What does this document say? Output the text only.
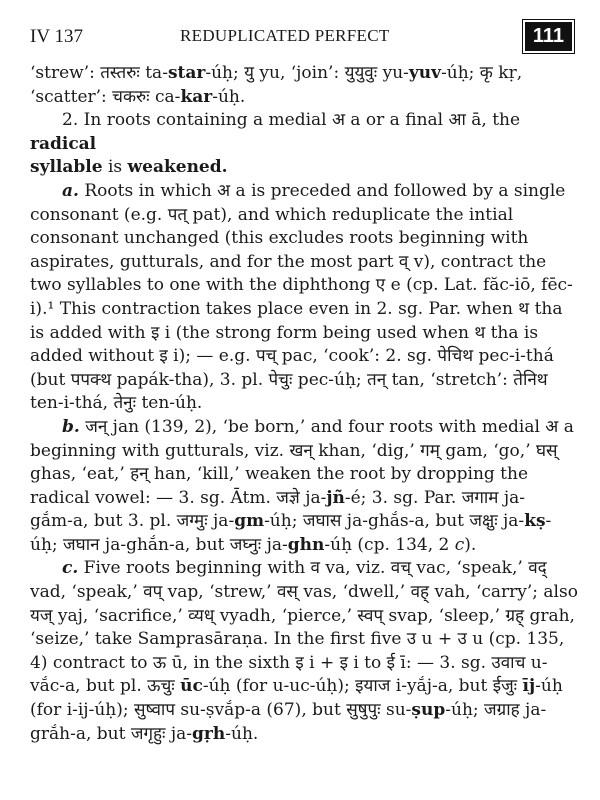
IV 137	REDUPLICATED PERFECT	111

‘strew’: तस्तरुः ta-star-úḥ; यु yu, ‘join’: युयुवुः yu-yuv-úḥ; कृ kṛ,

‘scatter’: चकरुः ca-kar-úḥ.

2. In roots containing a medial अ a or a final आ ā, the radical

syllable is weakened.

a. Roots in which अ a is preceded and followed by a single

consonant (e.g. पत् pat), and which reduplicate the intial

consonant unchanged (this excludes roots beginning with

aspirates, gutturals, and for the most part व् v), contract the

two syllables to one with the diphthong ए e (cp. Lat. făc-iō, fēc-

i).¹ This contraction takes place even in 2. sg. Par. when थ tha

is added with इ i (the strong form being used when थ tha is

added without इ i); — e.g. पच् pac, ‘cook’: 2. sg. पेचिथ pec-i-thá

(but पपक्थ papák-tha), 3. pl. पेचुः pec-úḥ; तन् tan, ‘stretch’: तेनिथ

ten-i-thá, तेनुः ten-úḥ.

b. जन् jan (139, 2), ‘be born,’ and four roots with medial अ a

beginning with gutturals, viz. खन् khan, ‘dig,’ गम् gam, ‘go,’ घस्

ghas, ‘eat,’ हन् han, ‘kill,’ weaken the root by dropping the

radical vowel: — 3. sg. Ātm. जज्ञे ja-jñ-é; 3. sg. Par. जगाम ja-

gắm-a, but 3. pl. जग्मुः ja-gm-úḥ; जघास ja-ghắs-a, but जक्षुः ja-kṣ-

úḥ; जघान ja-ghắn-a, but जघ्नुः ja-ghn-úḥ (cp. 134, 2 c).

c. Five roots beginning with व va, viz. वच् vac, ‘speak,’ वद्

vad, ‘speak,’ वप् vap, ‘strew,’ वस् vas, ‘dwell,’ वह् vah, ‘carry’; also

यज् yaj, ‘sacrifice,’ व्यध् vyadh, ‘pierce,’ स्वप् svap, ‘sleep,’ ग्रह् grah,

‘seize,’ take Samprasāraṇa. In the first five उ u + उ u (cp. 135,

4) contract to ऊ ū, in the sixth इ i + इ i to ई ī: — 3. sg. उवाच u-

vắc-a, but pl. ऊचुः ūc-úḥ (for u-uc-úḥ); इयाज i-yắj-a, but ईजुः īj-úḥ

(for i-ij-úḥ); सुष्वाप su-ṣvắp-a (67), but सुषुपुः su-ṣup-úḥ; जग्राह ja-

grắh-a, but जगृहुः ja-gṛh-úḥ.
